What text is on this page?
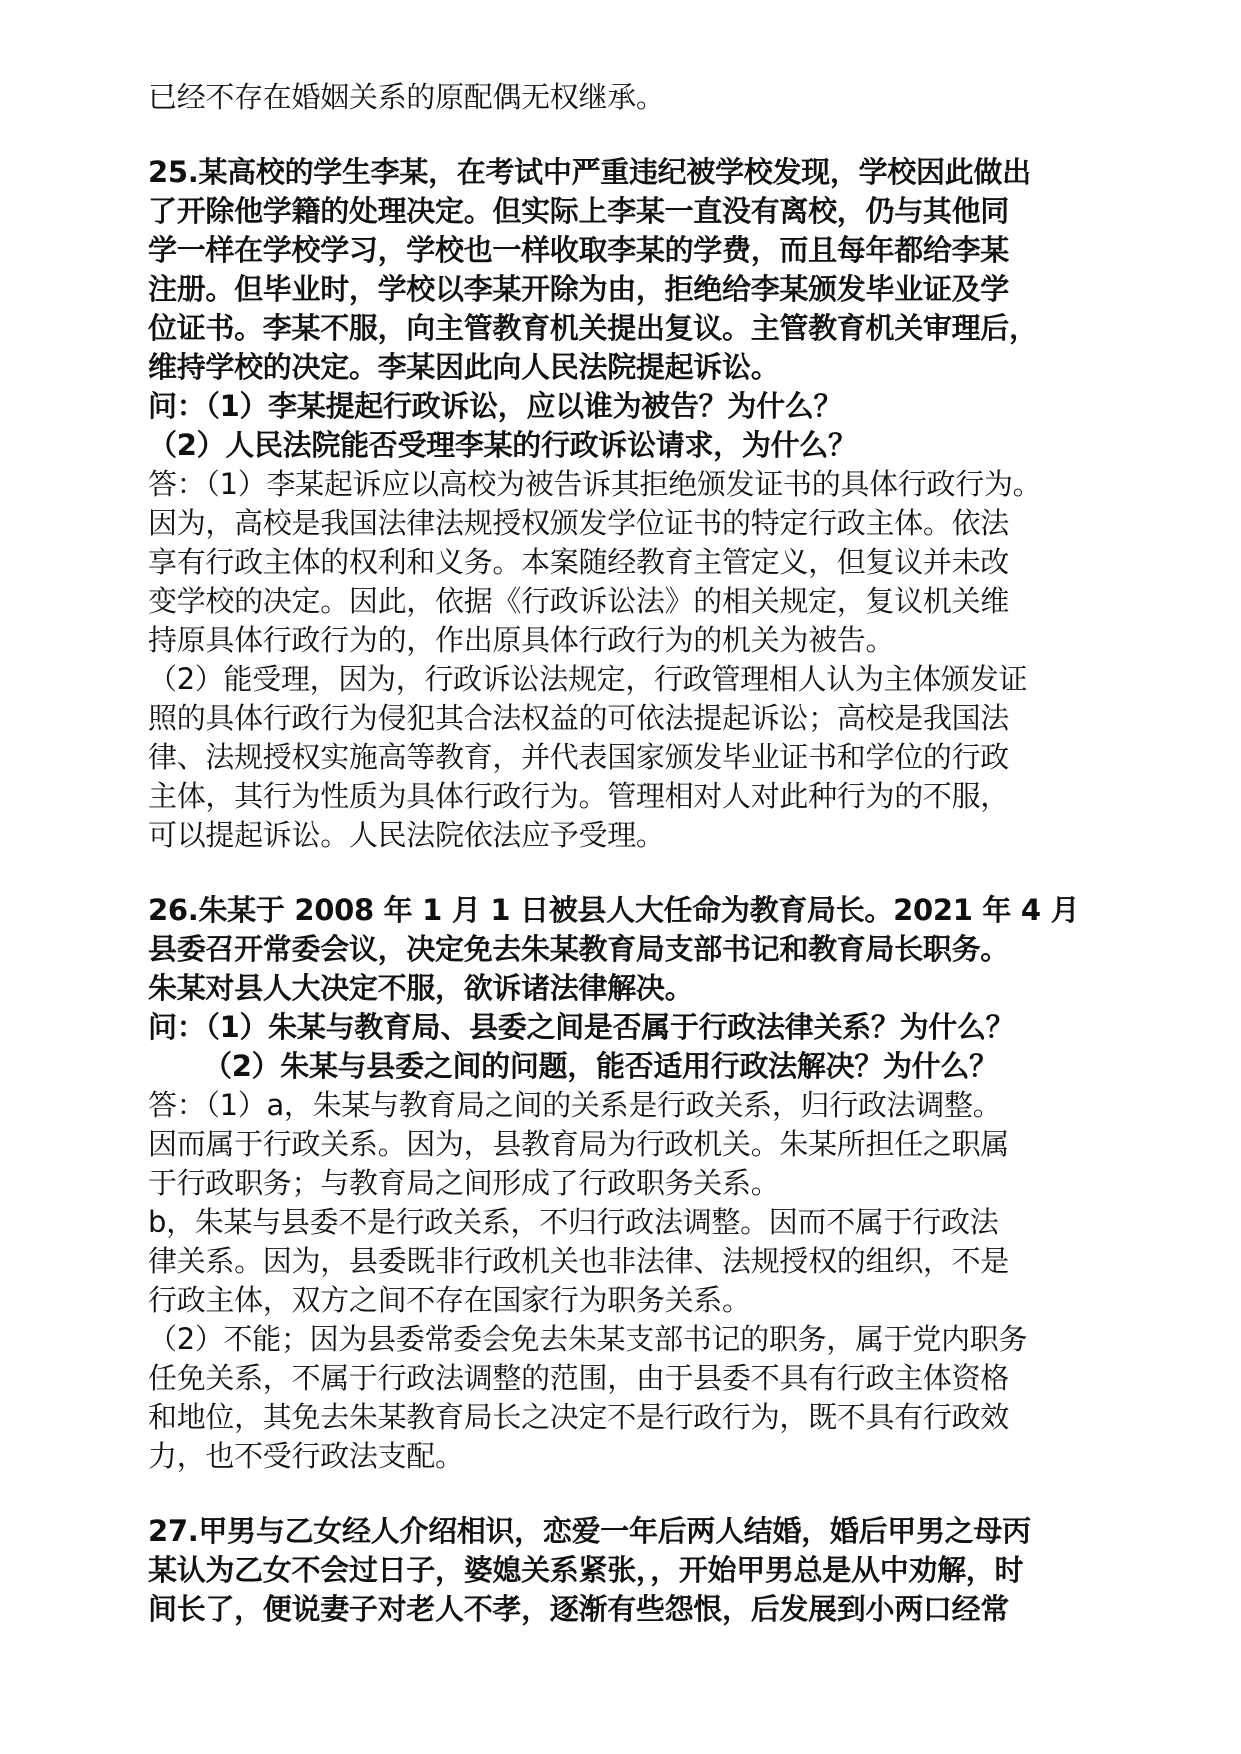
已经不存在婚姻关系的原配偶无权继承。
25.某高校的学生李某，在考试中严重违纪被学校发现，学校因此做出
了开除他学籍的处理决定。但实际上李某一直没有离校，仍与其他同
学一样在学校学习，学校也一样收取李某的学费，而且每年都给李某
注册。但毕业时，学校以李某开除为由，拒绝给李某颁发毕业证及学
位证书。李某不服，向主管教育机关提出复议。主管教育机关审理后，
维持学校的决定。李某因此向人民法院提起诉讼。
问：（1）李某提起行政诉讼，应以谁为被告？为什么？
（2）人民法院能否受理李某的行政诉讼请求，为什么？
答：（1）李某起诉应以高校为被告诉其拒绝颁发证书的具体行政行为。
因为，高校是我国法律法规授权颁发学位证书的特定行政主体。依法
享有行政主体的权利和义务。本案随经教育主管定义，但复议并未改
变学校的决定。因此，依据《行政诉讼法》的相关规定，复议机关维
持原具体行政行为的，作出原具体行政行为的机关为被告。
（2）能受理，因为，行政诉讼法规定，行政管理相人认为主体颁发证
照的具体行政行为侵犯其合法权益的可依法提起诉讼；高校是我国法
律、法规授权实施高等教育，并代表国家颁发毕业证书和学位的行政
主体，其行为性质为具体行政行为。管理相对人对此种行为的不服，
可以提起诉讼。人民法院依法应予受理。
26.朱某于 2008 年 1 月 1 日被县人大任命为教育局长。2021 年 4 月
县委召开常委会议，决定免去朱某教育局支部书记和教育局长职务。
朱某对县人大决定不服，欲诉诸法律解决。
问：（1）朱某与教育局、县委之间是否属于行政法律关系？为什么？
（2）朱某与县委之间的问题，能否适用行政法解决？为什么？
答：（1）a，朱某与教育局之间的关系是行政关系，归行政法调整。
因而属于行政关系。因为，县教育局为行政机关。朱某所担任之职属
于行政职务；与教育局之间形成了行政职务关系。
b，朱某与县委不是行政关系，不归行政法调整。因而不属于行政法
律关系。因为，县委既非行政机关也非法律、法规授权的组织，不是
行政主体，双方之间不存在国家行为职务关系。
（2）不能；因为县委常委会免去朱某支部书记的职务，属于党内职务
任免关系，不属于行政法调整的范围，由于县委不具有行政主体资格
和地位，其免去朱某教育局长之决定不是行政行为，既不具有行政效
力，也不受行政法支配。
27.甲男与乙女经人介绍相识，恋爱一年后两人结婚，婚后甲男之母丙
某认为乙女不会过日子，婆媳关系紧张，，开始甲男总是从中劝解，时
间长了，便说妻子对老人不孝，逐渐有些怨恨，后发展到小两口经常
